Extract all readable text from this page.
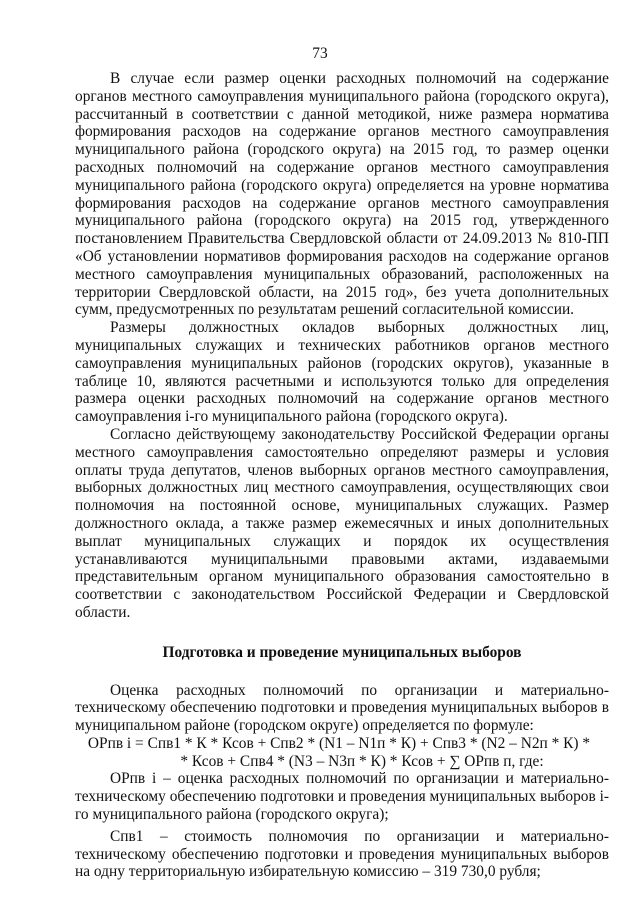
73

В случае если размер оценки расходных полномочий на содержание органов местного самоуправления муниципального района (городского округа), рассчитанный в соответствии с данной методикой, ниже размера норматива формирования расходов на содержание органов местного самоуправления муниципального района (городского округа) на 2015 год, то размер оценки расходных полномочий на содержание органов местного самоуправления муниципального района (городского округа) определяется на уровне норматива формирования расходов на содержание органов местного самоуправления муниципального района (городского округа) на 2015 год, утвержденного постановлением Правительства Свердловской области от 24.09.2013 № 810-ПП «Об установлении нормативов формирования расходов на содержание органов местного самоуправления муниципальных образований, расположенных на территории Свердловской области, на 2015 год», без учета дополнительных сумм, предусмотренных по результатам решений согласительной комиссии.

Размеры должностных окладов выборных должностных лиц, муниципальных служащих и технических работников органов местного самоуправления муниципальных районов (городских округов), указанные в таблице 10, являются расчетными и используются только для определения размера оценки расходных полномочий на содержание органов местного самоуправления i-го муниципального района (городского округа).

Согласно действующему законодательству Российской Федерации органы местного самоуправления самостоятельно определяют размеры и условия оплаты труда депутатов, членов выборных органов местного самоуправления, выборных должностных лиц местного самоуправления, осуществляющих свои полномочия на постоянной основе, муниципальных служащих. Размер должностного оклада, а также размер ежемесячных и иных дополнительных выплат муниципальных служащих и порядок их осуществления устанавливаются муниципальными правовыми актами, издаваемыми представительным органом муниципального образования самостоятельно в соответствии с законодательством Российской Федерации и Свердловской области.

Подготовка и проведение муниципальных выборов

Оценка расходных полномочий по организации и материально-техническому обеспечению подготовки и проведения муниципальных выборов в муниципальном районе (городском округе) определяется по формуле:

ОРпв i = Спв1 * К * Ксов + Спв2 * (N1 – N1п * К) + Спв3 * (N2 – N2п * К) *

* Ксов + Спв4 * (N3 – N3п * К) * Ксов + ∑ ОРпв п, где:

ОРпв i – оценка расходных полномочий по организации и материально-техническому обеспечению подготовки и проведения муниципальных выборов i-го муниципального района (городского округа);

Спв1 – стоимость полномочия по организации и материально-техническому обеспечению подготовки и проведения муниципальных выборов на одну территориальную избирательную комиссию – 319 730,0 рубля;
